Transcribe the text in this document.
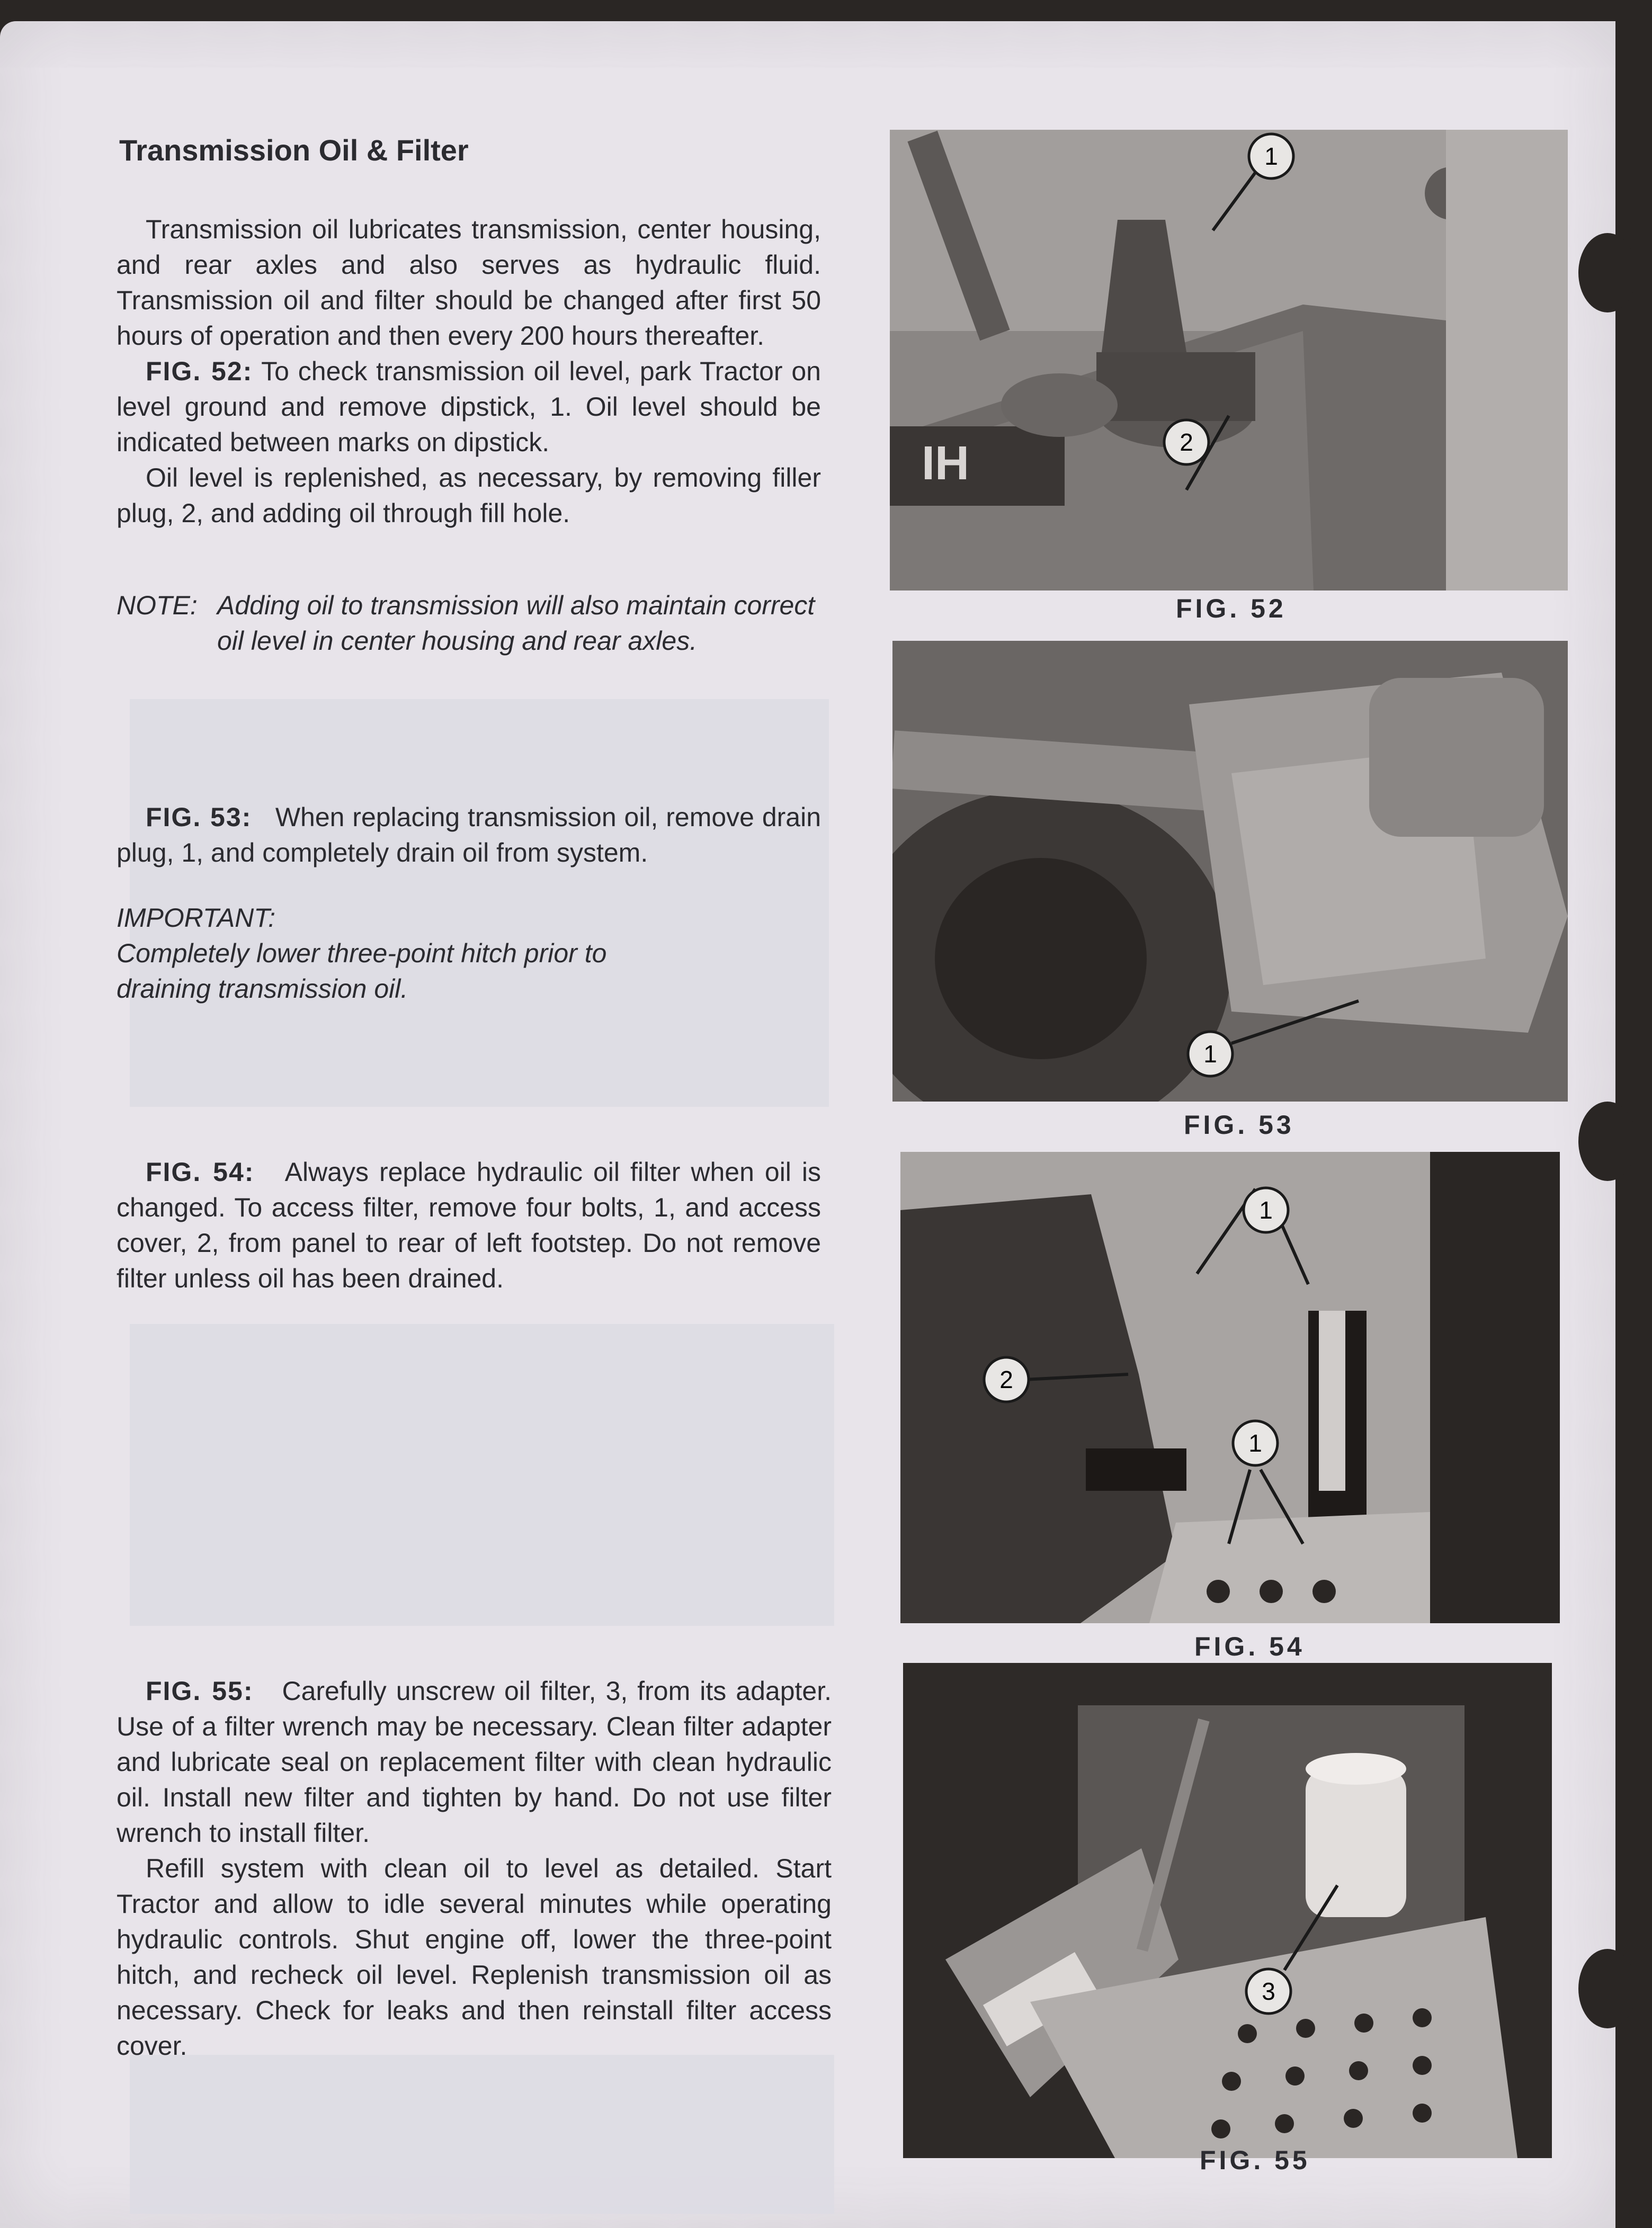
Transmission Oil & Filter

Transmission oil lubricates transmission, center housing, and rear axles and also serves as hydraulic fluid. Transmission oil and filter should be changed after first 50 hours of operation and then every 200 hours thereafter.

FIG. 52: To check transmission oil level, park Tractor on level ground and remove dipstick, 1. Oil level should be indicated between marks on dipstick.

Oil level is replenished, as necessary, by removing filler plug, 2, and adding oil through fill hole.

NOTE: Adding oil to transmission will also maintain correct oil level in center housing and rear axles.

FIG. 53: When replacing transmission oil, remove drain plug, 1, and completely drain oil from system.

IMPORTANT:Completely lower three-point hitch prior to draining transmission oil.

FIG. 54: Always replace hydraulic oil filter when oil is changed. To access filter, remove four bolts, 1, and access cover, 2, from panel to rear of left footstep. Do not remove filter unless oil has been drained.

FIG. 55: Carefully unscrew oil filter, 3, from its adapter. Use of a filter wrench may be necessary. Clean filter adapter and lubricate seal on replacement filter with clean hydraulic oil. Install new filter and tighten by hand. Do not use filter wrench to install filter.

Refill system with clean oil to level as detailed. Start Tractor and allow to idle several minutes while operating hydraulic controls. Shut engine off, lower the three-point hitch, and recheck oil level. Replenish transmission oil as necessary. Check for leaks and then reinstall filter access cover.

IH
1
2
FIG. 52
1
FIG. 53
1
1
2
FIG. 54
3
FIG. 55
